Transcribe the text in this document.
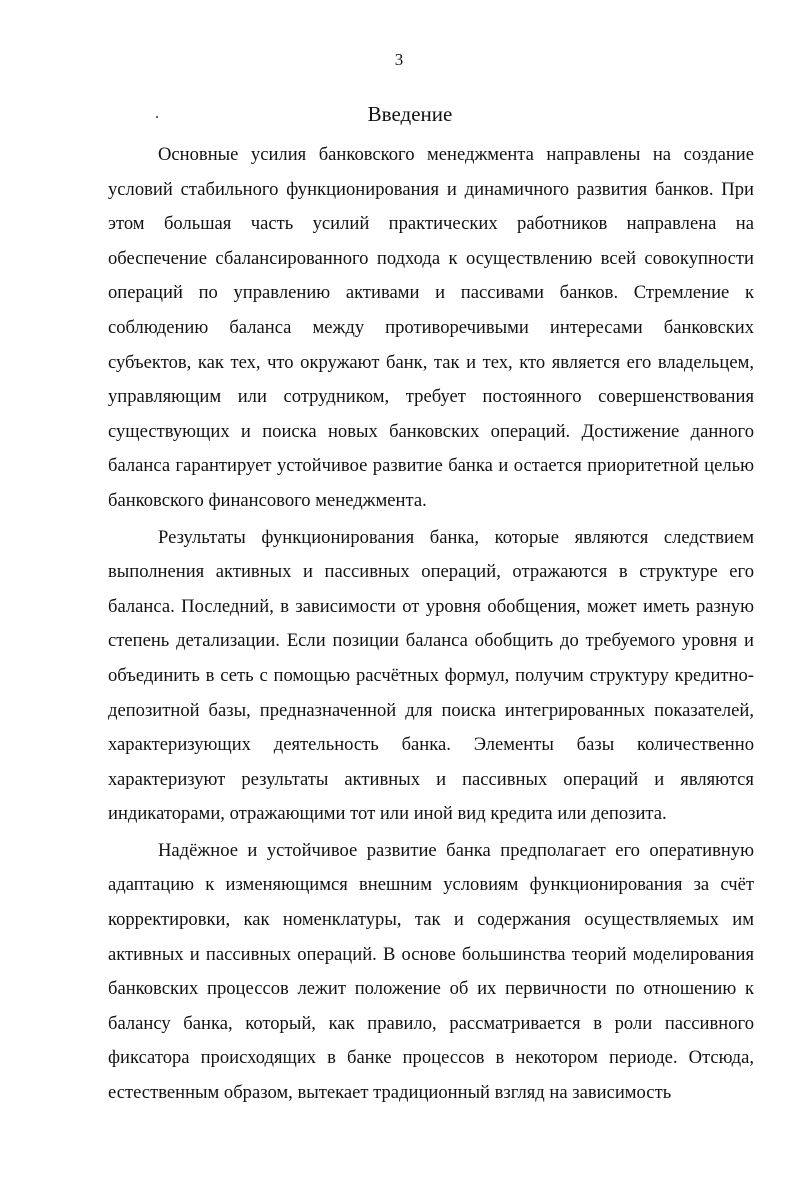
3
Введение

Основные усилия банковского менеджмента направлены на создание условий стабильного функционирования и динамичного развития банков. При этом большая часть усилий практических работников направлена на обеспечение сбалансированного подхода к осуществлению всей совокупности операций по управлению активами и пассивами банков. Стремление к соблюдению баланса между противоречивыми интересами банковских субъектов, как тех, что окружают банк, так и тех, кто является его владельцем, управляющим или сотрудником, требует постоянного совершенствования существующих и поиска новых банковских операций. Достижение данного баланса гарантирует устойчивое развитие банка и остается приоритетной целью банковского финансового менеджмента.

Результаты функционирования банка, которые являются следствием выполнения активных и пассивных операций, отражаются в структуре его баланса. Последний, в зависимости от уровня обобщения, может иметь разную степень детализации. Если позиции баланса обобщить до требуемого уровня и объединить в сеть с помощью расчётных формул, получим структуру кредитно-депозитной базы, предназначенной для поиска интегрированных показателей, характеризующих деятельность банка. Элементы базы количественно характеризуют результаты активных и пассивных операций и являются индикаторами, отражающими тот или иной вид кредита или депозита.

Надёжное и устойчивое развитие банка предполагает его оперативную адаптацию к изменяющимся внешним условиям функционирования за счёт корректировки, как номенклатуры, так и содержания осуществляемых им активных и пассивных операций. В основе большинства теорий моделирования банковских процессов лежит положение об их первичности по отношению к балансу банка, который, как правило, рассматривается в роли пассивного фиксатора происходящих в банке процессов в некотором периоде. Отсюда, естественным образом, вытекает традиционный взгляд на зависимость
